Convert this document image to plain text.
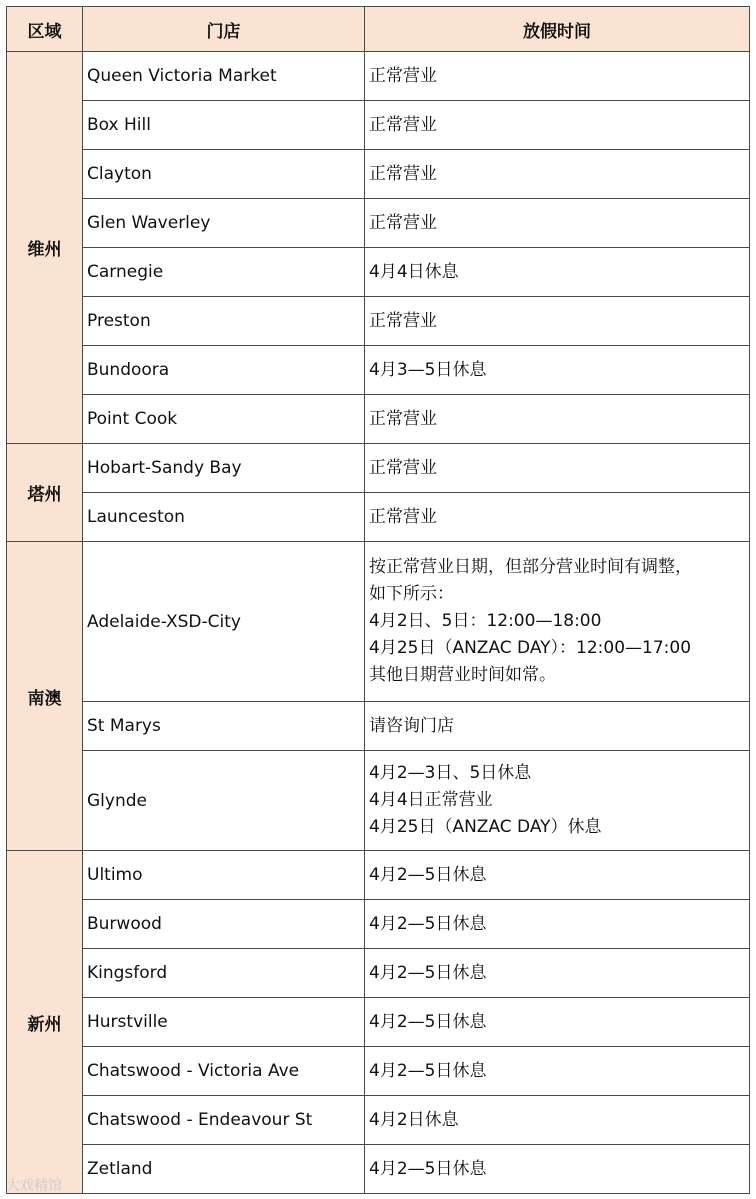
区域	门店	放假时间
维州	Queen Victoria Market	正常营业

	Box Hill	正常营业

	Clayton	正常营业

	Glen Waverley	正常营业

	Carnegie	4月4日休息

	Preston	正常营业

	Bundoora	4月3—5日休息

	Point Cook	正常营业

塔州	Hobart-Sandy Bay	正常营业

	Launceston	正常营业

南澳	Adelaide-XSD-City	按正常营业日期，但部分营业时间有调整，
如下所示：
4月2日、5日：12:00—18:00
4月25日（ANZAC DAY）：12:00—17:00
其他日期营业时间如常。

	St Marys	请咨询门店

	Glynde	4月2—3日、5日休息
4月4日正常营业
4月25日（ANZAC DAY）休息

新州	Ultimo	4月2—5日休息

	Burwood	4月2—5日休息

	Kingsford	4月2—5日休息

	Hurstville	4月2—5日休息

	Chatswood - Victoria Ave	4月2—5日休息

	Chatswood - Endeavour St	4月2日休息

	Zetland	4月2—5日休息
大戏精馆
